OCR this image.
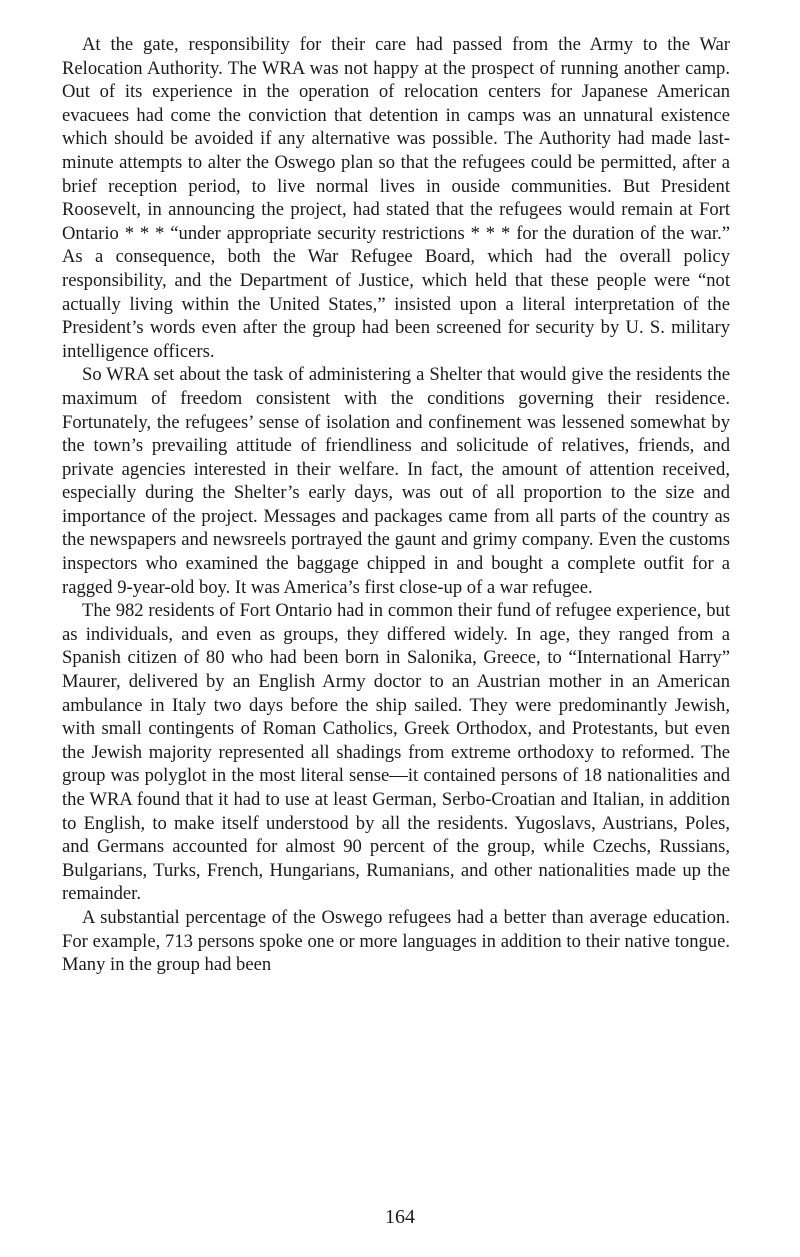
At the gate, responsibility for their care had passed from the Army to the War Relocation Authority. The WRA was not happy at the prospect of running another camp. Out of its experience in the operation of relocation centers for Japanese American evacuees had come the conviction that detention in camps was an unnatural existence which should be avoided if any alternative was possible. The Authority had made last-minute attempts to alter the Oswego plan so that the refugees could be permitted, after a brief reception period, to live normal lives in ouside communities. But President Roosevelt, in announcing the project, had stated that the refugees would remain at Fort Ontario * * * “under appropriate security restrictions * * * for the duration of the war.” As a consequence, both the War Refugee Board, which had the overall policy responsibility, and the Department of Justice, which held that these people were “not actually living within the United States,” insisted upon a literal interpretation of the President’s words even after the group had been screened for security by U. S. military intelligence officers.

So WRA set about the task of administering a Shelter that would give the residents the maximum of freedom consistent with the conditions governing their residence. Fortunately, the refugees’ sense of isolation and confinement was lessened somewhat by the town’s prevailing attitude of friendliness and solicitude of relatives, friends, and private agencies interested in their welfare. In fact, the amount of attention received, especially during the Shelter’s early days, was out of all proportion to the size and importance of the project. Messages and packages came from all parts of the country as the newspapers and newsreels portrayed the gaunt and grimy company. Even the customs inspectors who examined the baggage chipped in and bought a complete outfit for a ragged 9-year-old boy. It was America’s first close-up of a war refugee.

The 982 residents of Fort Ontario had in common their fund of refugee experience, but as individuals, and even as groups, they differed widely. In age, they ranged from a Spanish citizen of 80 who had been born in Salonika, Greece, to “International Harry” Maurer, delivered by an English Army doctor to an Austrian mother in an American ambulance in Italy two days before the ship sailed. They were predominantly Jewish, with small contingents of Roman Catholics, Greek Orthodox, and Protestants, but even the Jewish majority represented all shadings from extreme orthodoxy to reformed. The group was polyglot in the most literal sense—it contained persons of 18 nationalities and the WRA found that it had to use at least German, Serbo-Croatian and Italian, in addition to English, to make itself understood by all the residents. Yugoslavs, Austrians, Poles, and Germans accounted for almost 90 percent of the group, while Czechs, Russians, Bulgarians, Turks, French, Hungarians, Rumanians, and other nationalities made up the remainder.

A substantial percentage of the Oswego refugees had a better than average education. For example, 713 persons spoke one or more languages in addition to their native tongue. Many in the group had been

164
